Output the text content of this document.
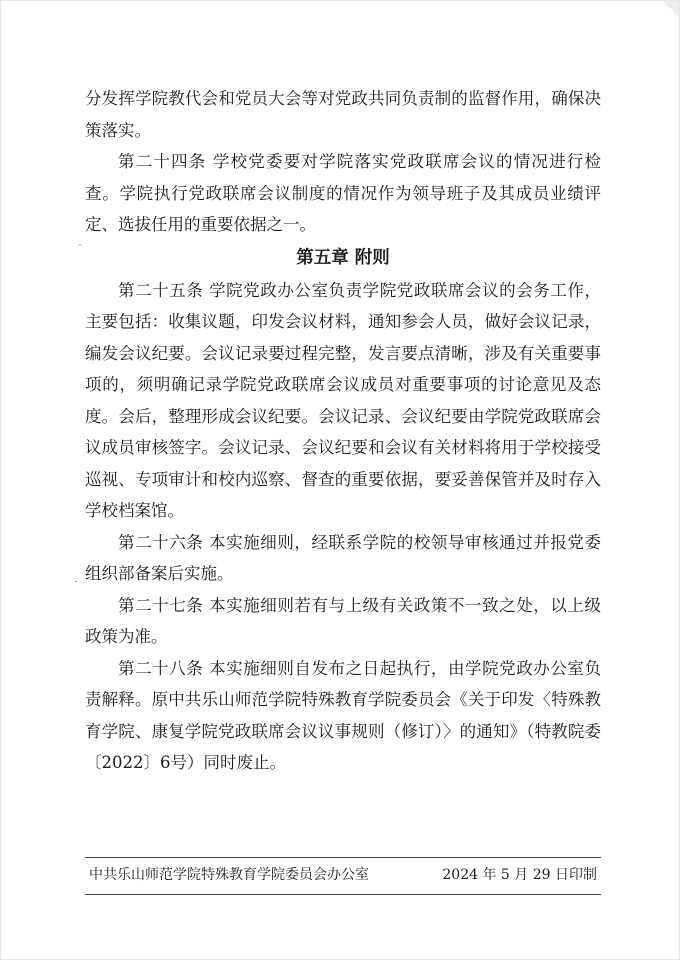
分发挥学院教代会和党员大会等对党政共同负责制的监督作用，确保决策落实。

第二十四条 学校党委要对学院落实党政联席会议的情况进行检查。学院执行党政联席会议制度的情况作为领导班子及其成员业绩评定、选拔任用的重要依据之一。

第五章 附则

第二十五条 学院党政办公室负责学院党政联席会议的会务工作，主要包括：收集议题，印发会议材料，通知参会人员，做好会议记录，编发会议纪要。会议记录要过程完整，发言要点清晰，涉及有关重要事项的，须明确记录学院党政联席会议成员对重要事项的讨论意见及态度。会后，整理形成会议纪要。会议记录、会议纪要由学院党政联席会议成员审核签字。会议记录、会议纪要和会议有关材料将用于学校接受巡视、专项审计和校内巡察、督查的重要依据，要妥善保管并及时存入学校档案馆。

第二十六条 本实施细则，经联系学院的校领导审核通过并报党委组织部备案后实施。

第二十七条 本实施细则若有与上级有关政策不一致之处，以上级政策为准。

第二十八条 本实施细则自发布之日起执行，由学院党政办公室负责解释。原中共乐山师范学院特殊教育学院委员会《关于印发〈特殊教育学院、康复学院党政联席会议议事规则（修订）〉的通知》（特教院委〔2022〕6号）同时废止。

中共乐山师范学院特殊教育学院委员会办公室	2024 年 5 月 29 日印制
